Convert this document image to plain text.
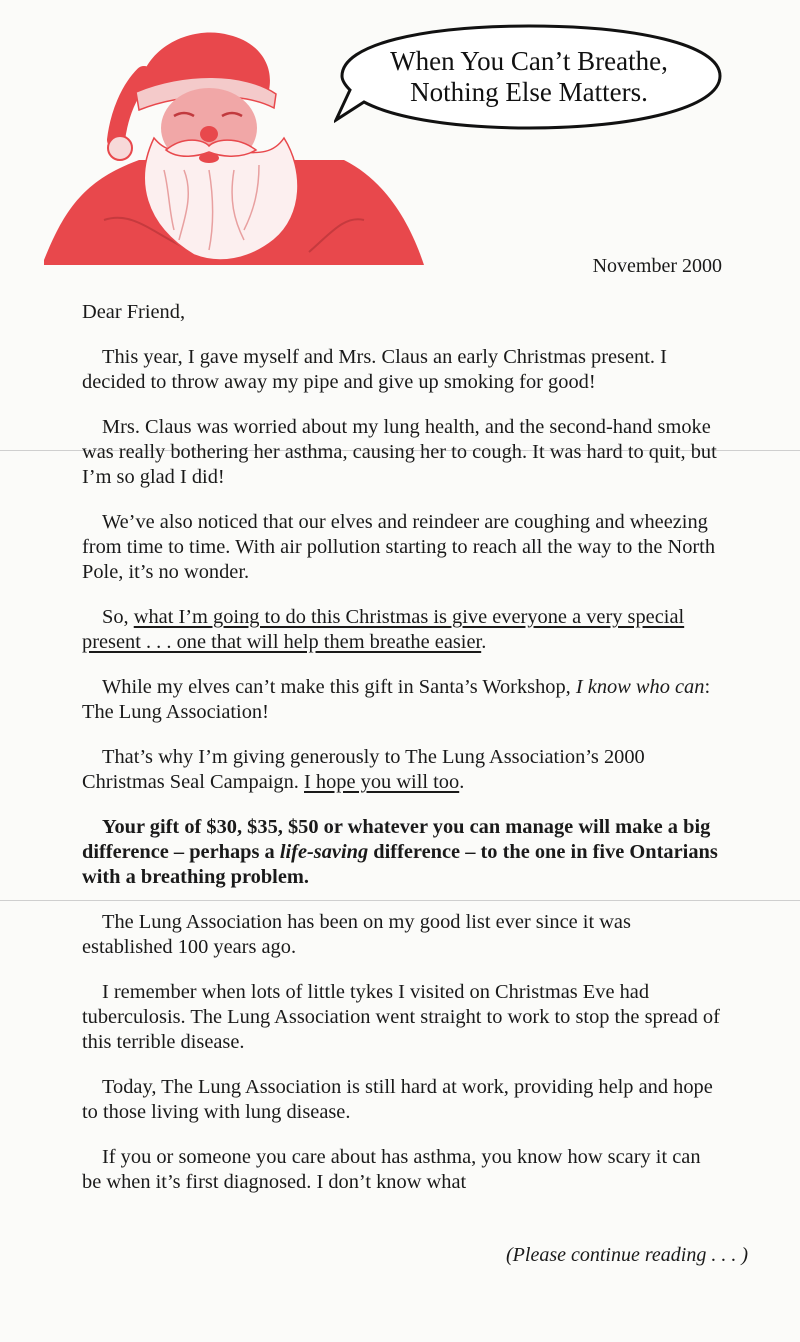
When You Can’t Breathe,
Nothing Else Matters.
November 2000

Dear Friend,

This year, I gave myself and Mrs. Claus an early Christmas present. I decided to throw away my pipe and give up smoking for good!

Mrs. Claus was worried about my lung health, and the second-hand smoke was really bothering her asthma, causing her to cough. It was hard to quit, but I’m so glad I did!

We’ve also noticed that our elves and reindeer are coughing and wheezing from time to time. With air pollution starting to reach all the way to the North Pole, it’s no wonder.

So, what I’m going to do this Christmas is give everyone a very special present . . . one that will help them breathe easier.

While my elves can’t make this gift in Santa’s Workshop, I know who can: The Lung Association!

That’s why I’m giving generously to The Lung Association’s 2000 Christmas Seal Campaign. I hope you will too.

Your gift of $30, $35, $50 or whatever you can manage will make a big difference – perhaps a life-saving difference – to the one in five Ontarians with a breathing problem.

The Lung Association has been on my good list ever since it was established 100 years ago.

I remember when lots of little tykes I visited on Christmas Eve had tuberculosis. The Lung Association went straight to work to stop the spread of this terrible disease.

Today, The Lung Association is still hard at work, providing help and hope to those living with lung disease.

If you or someone you care about has asthma, you know how scary it can be when it’s first diagnosed. I don’t know what

(Please continue reading . . . )
